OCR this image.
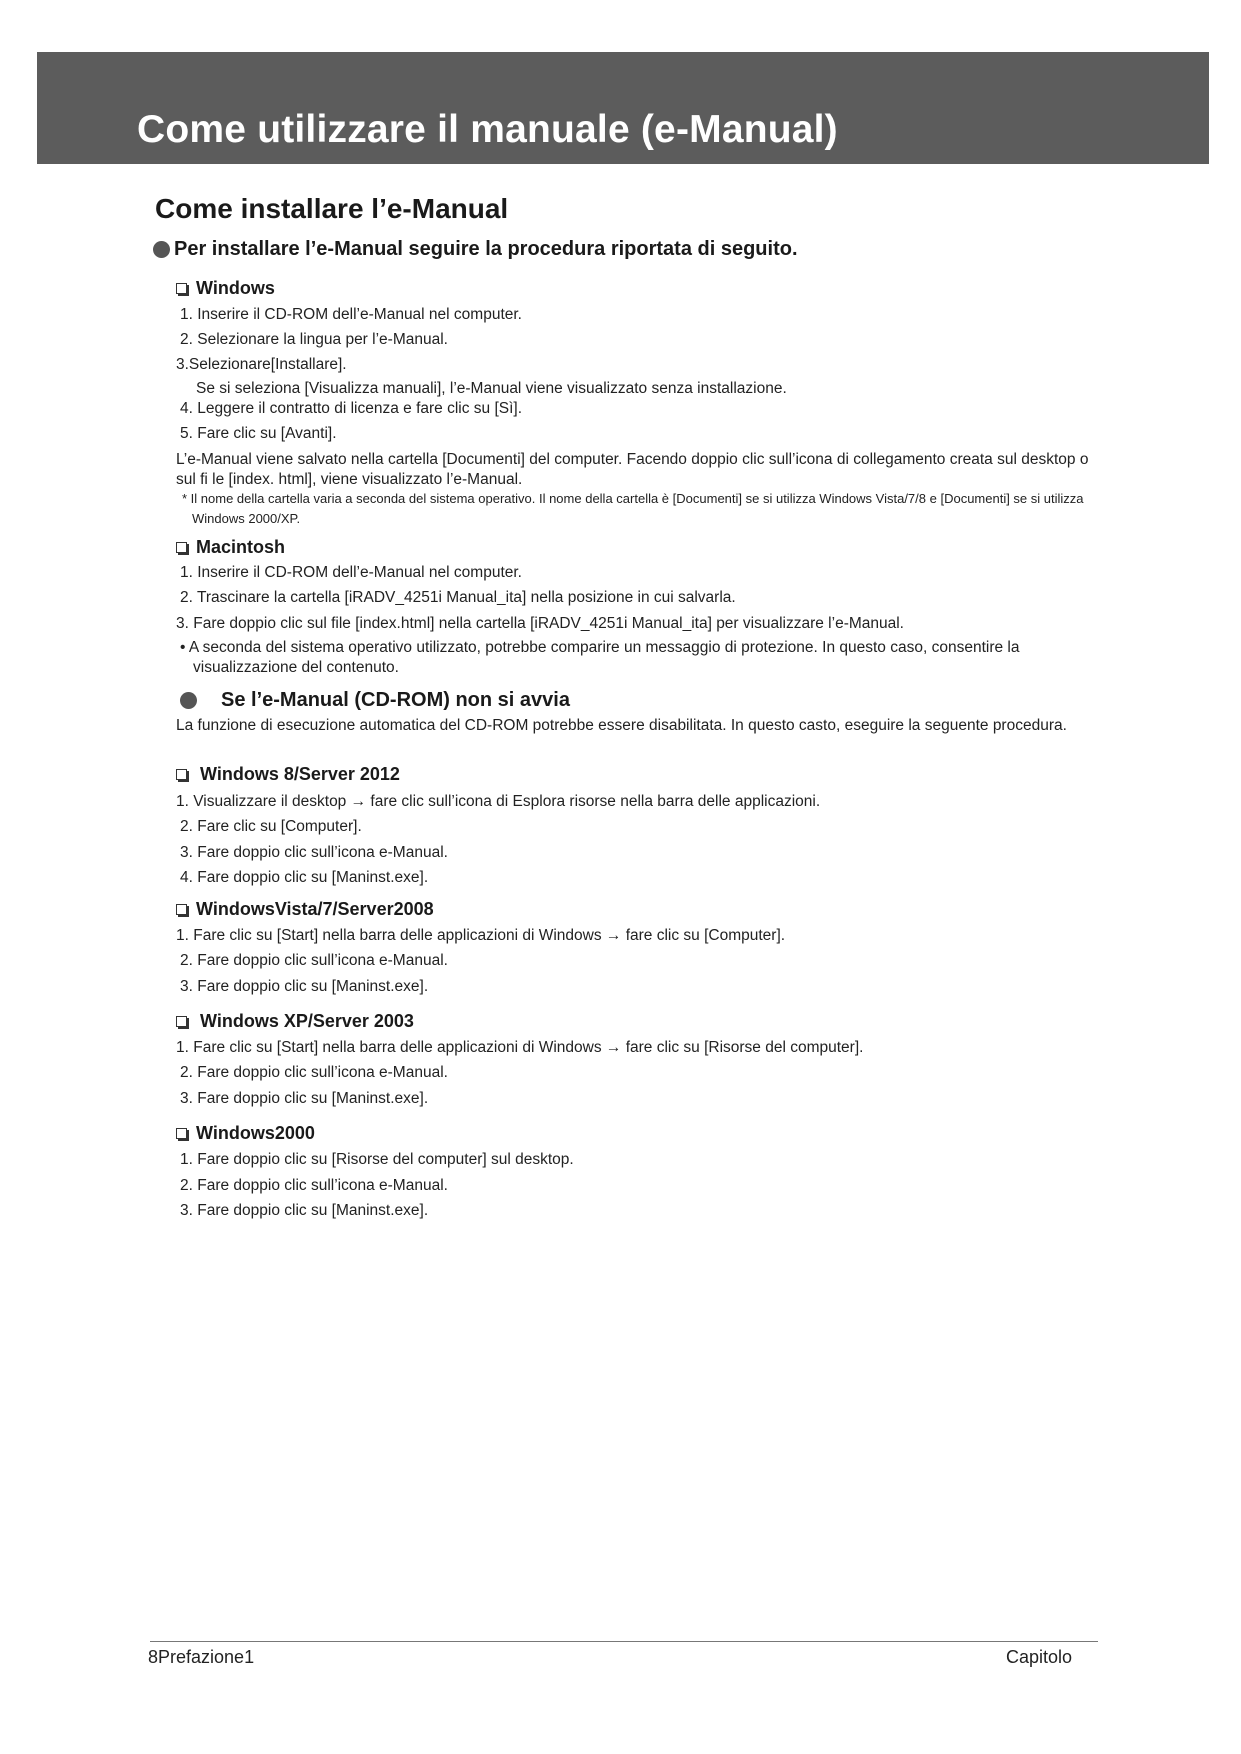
Come utilizzare il manuale (e-Manual)
Come installare l’e-Manual
Per installare l’e-Manual seguire la procedura riportata di seguito.
Windows
1. Inserire il CD-ROM dell’e-Manual nel computer.
2. Selezionare la lingua per l’e-Manual.
3.Selezionare[Installare].
Se si seleziona [Visualizza manuali], l’e-Manual viene visualizzato senza installazione.
4. Leggere il contratto di licenza e fare clic su [Sì].
5. Fare clic su [Avanti].
L’e-Manual viene salvato nella cartella [Documenti] del computer. Facendo doppio clic sull’icona di collegamento creata sul desktop o sul fi le [index. html], viene visualizzato l’e-Manual.
* Il nome della cartella varia a seconda del sistema operativo. Il nome della cartella è [Documenti] se si utilizza Windows Vista/7/8 e [Documenti] se si utilizza Windows 2000/XP.
Macintosh
1. Inserire il CD-ROM dell’e-Manual nel computer.
2. Trascinare la cartella [iRADV_4251i Manual_ita] nella posizione in cui salvarla.
3. Fare doppio clic sul file [index.html] nella cartella [iRADV_4251i Manual_ita] per visualizzare l’e-Manual.
• A seconda del sistema operativo utilizzato, potrebbe comparire un messaggio di protezione. In questo caso, consentire la visualizzazione del contenuto.
Se l’e-Manual (CD-ROM) non si avvia
La funzione di esecuzione automatica del CD-ROM potrebbe essere disabilitata. In questo casto, eseguire la seguente procedura.
Windows 8/Server 2012
1. Visualizzare il desktop → fare clic sull’icona di Esplora risorse nella barra delle applicazioni.
2. Fare clic su [Computer].
3. Fare doppio clic sull’icona e-Manual.
4. Fare doppio clic su [Maninst.exe].
WindowsVista/7/Server2008
1. Fare clic su [Start] nella barra delle applicazioni di Windows → fare clic su [Computer].
2. Fare doppio clic sull’icona e-Manual.
3. Fare doppio clic su [Maninst.exe].
Windows XP/Server 2003
1. Fare clic su [Start] nella barra delle applicazioni di Windows → fare clic su [Risorse del computer].
2. Fare doppio clic sull’icona e-Manual.
3. Fare doppio clic su [Maninst.exe].
Windows2000
1. Fare doppio clic su [Risorse del computer] sul desktop.
2. Fare doppio clic sull’icona e-Manual.
3. Fare doppio clic su [Maninst.exe].
8Prefazione1	Capitolo
